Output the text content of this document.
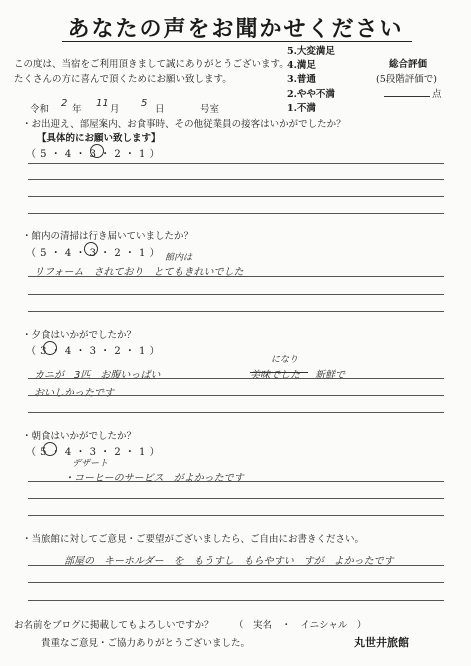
あなたの声をお聞かせください
この度は、当宿をご利用頂きまして誠にありがとうございます。
たくさんの方に喜んで頂くためにお願い致します。
5.大変満足
4.満足
3.普通
2.やや不満
1.不満
総合評価
(5段階評価で)
点
令和
2
年
11
月
5
日	号室
・お出迎え、部屋案内、お食事時、その他従業員の接客はいかがでしたか？
【具体的にお願い致します】
（ 5 ・ 4 ・ 3 ・ 2 ・ 1 ）
・館内の清掃は行き届いていましたか？
（ 5 ・ 4 ・ 3 ・ 2 ・ 1 ） 館内は
リフォーム　されており　とてもきれいでした
・夕食はいかがでしたか？
（ 3 ・ 4 ・ 3 ・ 2 ・ 1 ）
になり
カニが　3匹　お腹いっぱい	美味でした 新鮮で
おいしかったです
・朝食はいかがでしたか？
（ 5 ・ 4 ・ 3 ・ 2 ・ 1 ）
デザート
・コーヒーのサービス　がよかったです
・当旅館に対してご意見・ご要望がございましたら、ご自由にお書きください。
部屋の　キーホルダー　を　もうすし　もらやすい　すが　よかったです
お名前をブログに掲載してもよろしいですか？ （　実名　・　イニシャル　）
貴重なご意見・ご協力ありがとうございました。	丸世井旅館
